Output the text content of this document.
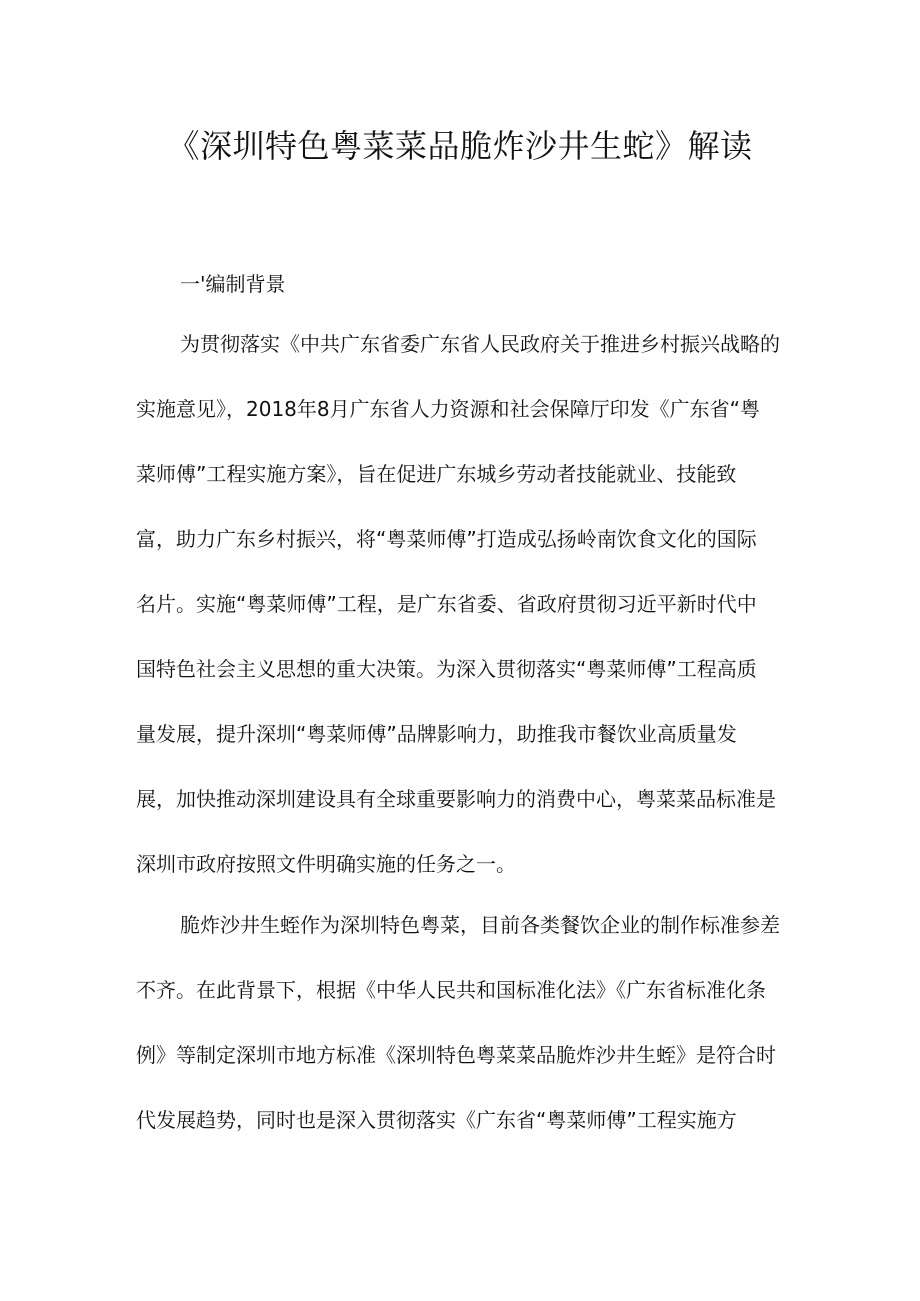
《深圳特色粤菜菜品脆炸沙井生蛇》解读
一'编制背景
为贯彻落实《中共广东省委广东省人民政府关于推进乡村振兴战略的
实施意见》，2018年8月广东省人力资源和社会保障厅印发《广东省“粤
菜师傅”工程实施方案》，旨在促进广东城乡劳动者技能就业、技能致
富，助力广东乡村振兴，将“粤菜师傅”打造成弘扬岭南饮食文化的国际
名片。实施“粤菜师傅”工程，是广东省委、省政府贯彻习近平新时代中
国特色社会主义思想的重大决策。为深入贯彻落实“粤菜师傅”工程高质
量发展，提升深圳“粤菜师傅”品牌影响力，助推我市餐饮业高质量发
展，加快推动深圳建设具有全球重要影响力的消费中心，粤菜菜品标准是
深圳市政府按照文件明确实施的任务之一。
脆炸沙井生蛭作为深圳特色粤菜，目前各类餐饮企业的制作标准参差
不齐。在此背景下，根据《中华人民共和国标准化法》《广东省标准化条
例》等制定深圳市地方标准《深圳特色粤菜菜品脆炸沙井生蛭》是符合时
代发展趋势，同时也是深入贯彻落实《广东省“粤菜师傅”工程实施方
